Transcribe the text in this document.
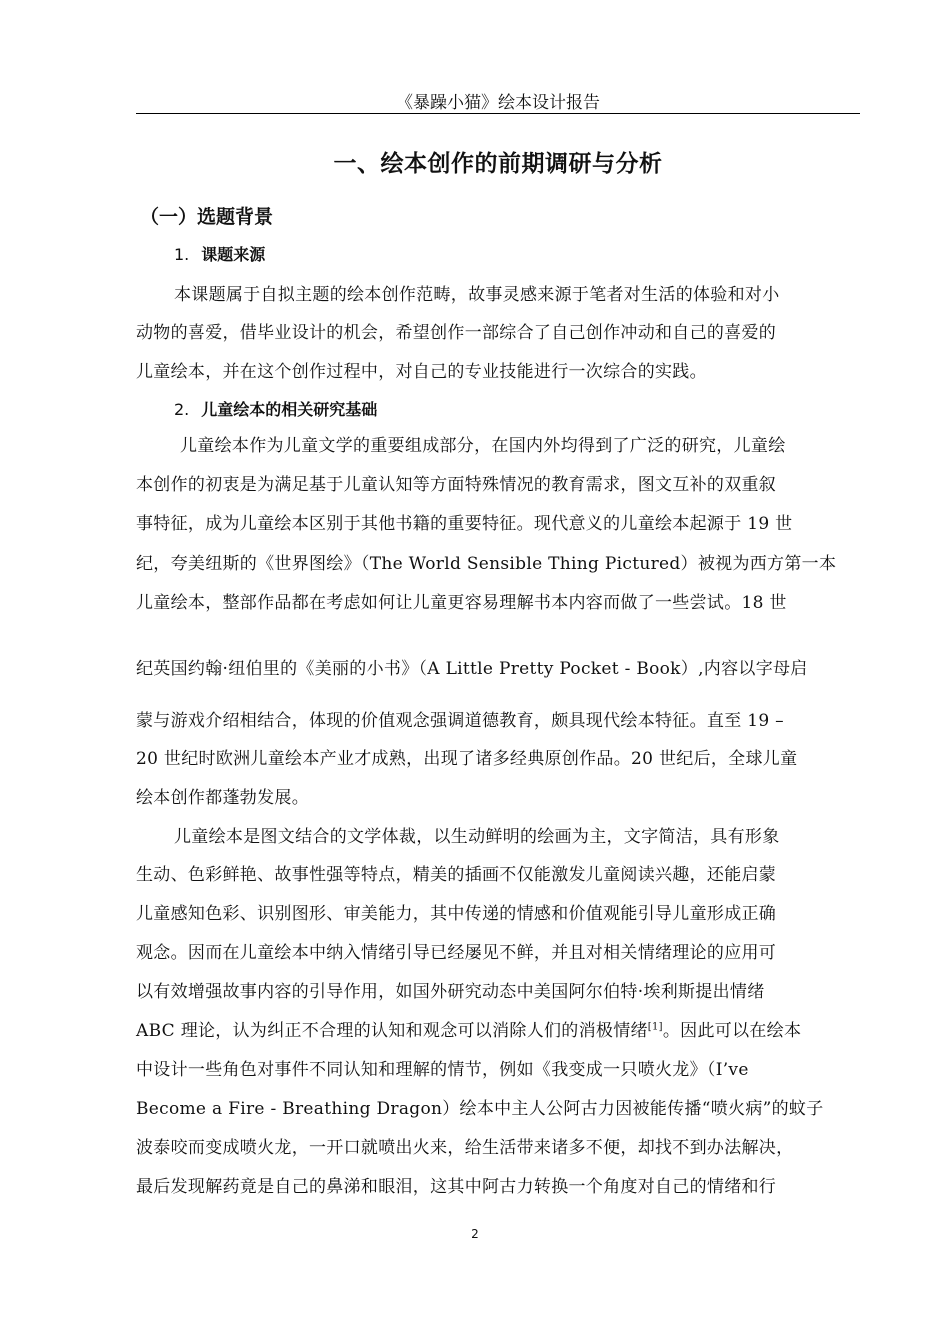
《暴躁小猫》绘本设计报告
一、绘本创作的前期调研与分析
（一）选题背景
1. 课题来源
本课题属于自拟主题的绘本创作范畴，故事灵感来源于笔者对生活的体验和对小
动物的喜爱，借毕业设计的机会，希望创作一部综合了自己创作冲动和自己的喜爱的
儿童绘本，并在这个创作过程中，对自己的专业技能进行一次综合的实践。
2. 儿童绘本的相关研究基础
儿童绘本作为儿童文学的重要组成部分，在国内外均得到了广泛的研究，儿童绘
本创作的初衷是为满足基于儿童认知等方面特殊情况的教育需求，图文互补的双重叙
事特征，成为儿童绘本区别于其他书籍的重要特征。现代意义的儿童绘本起源于 19 世
纪，夸美纽斯的《世界图绘》（The World Sensible Thing Pictured）被视为西方第一本
儿童绘本，整部作品都在考虑如何让儿童更容易理解书本内容而做了一些尝试。18 世
纪英国约翰·纽伯里的《美丽的小书》（A Little Pretty Pocket - Book）,内容以字母启
蒙与游戏介绍相结合，体现的价值观念强调道德教育，颇具现代绘本特征。直至 19 –
20 世纪时欧洲儿童绘本产业才成熟，出现了诸多经典原创作品。20 世纪后，全球儿童
绘本创作都蓬勃发展。
儿童绘本是图文结合的文学体裁，以生动鲜明的绘画为主，文字简洁，具有形象
生动、色彩鲜艳、故事性强等特点，精美的插画不仅能激发儿童阅读兴趣，还能启蒙
儿童感知色彩、识别图形、审美能力，其中传递的情感和价值观能引导儿童形成正确
观念。因而在儿童绘本中纳入情绪引导已经屡见不鲜，并且对相关情绪理论的应用可
以有效增强故事内容的引导作用，如国外研究动态中美国阿尔伯特·埃利斯提出情绪
ABC 理论，认为纠正不合理的认知和观念可以消除人们的消极情绪[1]。因此可以在绘本
中设计一些角色对事件不同认知和理解的情节，例如《我变成一只喷火龙》（I’ve
Become a Fire - Breathing Dragon）绘本中主人公阿古力因被能传播“喷火病”的蚊子
波泰咬而变成喷火龙，一开口就喷出火来，给生活带来诸多不便，却找不到办法解决，
最后发现解药竟是自己的鼻涕和眼泪，这其中阿古力转换一个角度对自己的情绪和行
2
